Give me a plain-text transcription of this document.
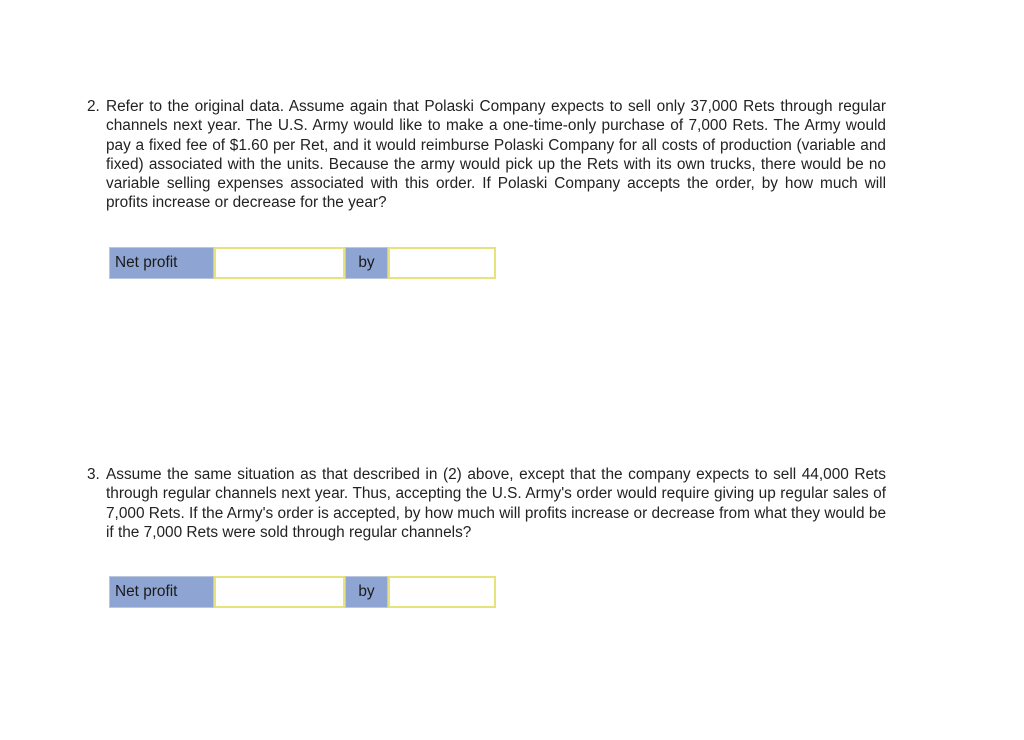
2. Refer to the original data. Assume again that Polaski Company expects to sell only 37,000 Rets through regular channels next year. The U.S. Army would like to make a one-time-only purchase of 7,000 Rets. The Army would pay a fixed fee of $1.60 per Ret, and it would reimburse Polaski Company for all costs of production (variable and fixed) associated with the units. Because the army would pick up the Rets with its own trucks, there would be no variable selling expenses associated with this order. If Polaski Company accepts the order, by how much will profits increase or decrease for the year?
Net profit	by
3. Assume the same situation as that described in (2) above, except that the company expects to sell 44,000 Rets through regular channels next year. Thus, accepting the U.S. Army's order would require giving up regular sales of 7,000 Rets. If the Army's order is accepted, by how much will profits increase or decrease from what they would be if the 7,000 Rets were sold through regular channels?
Net profit	by
